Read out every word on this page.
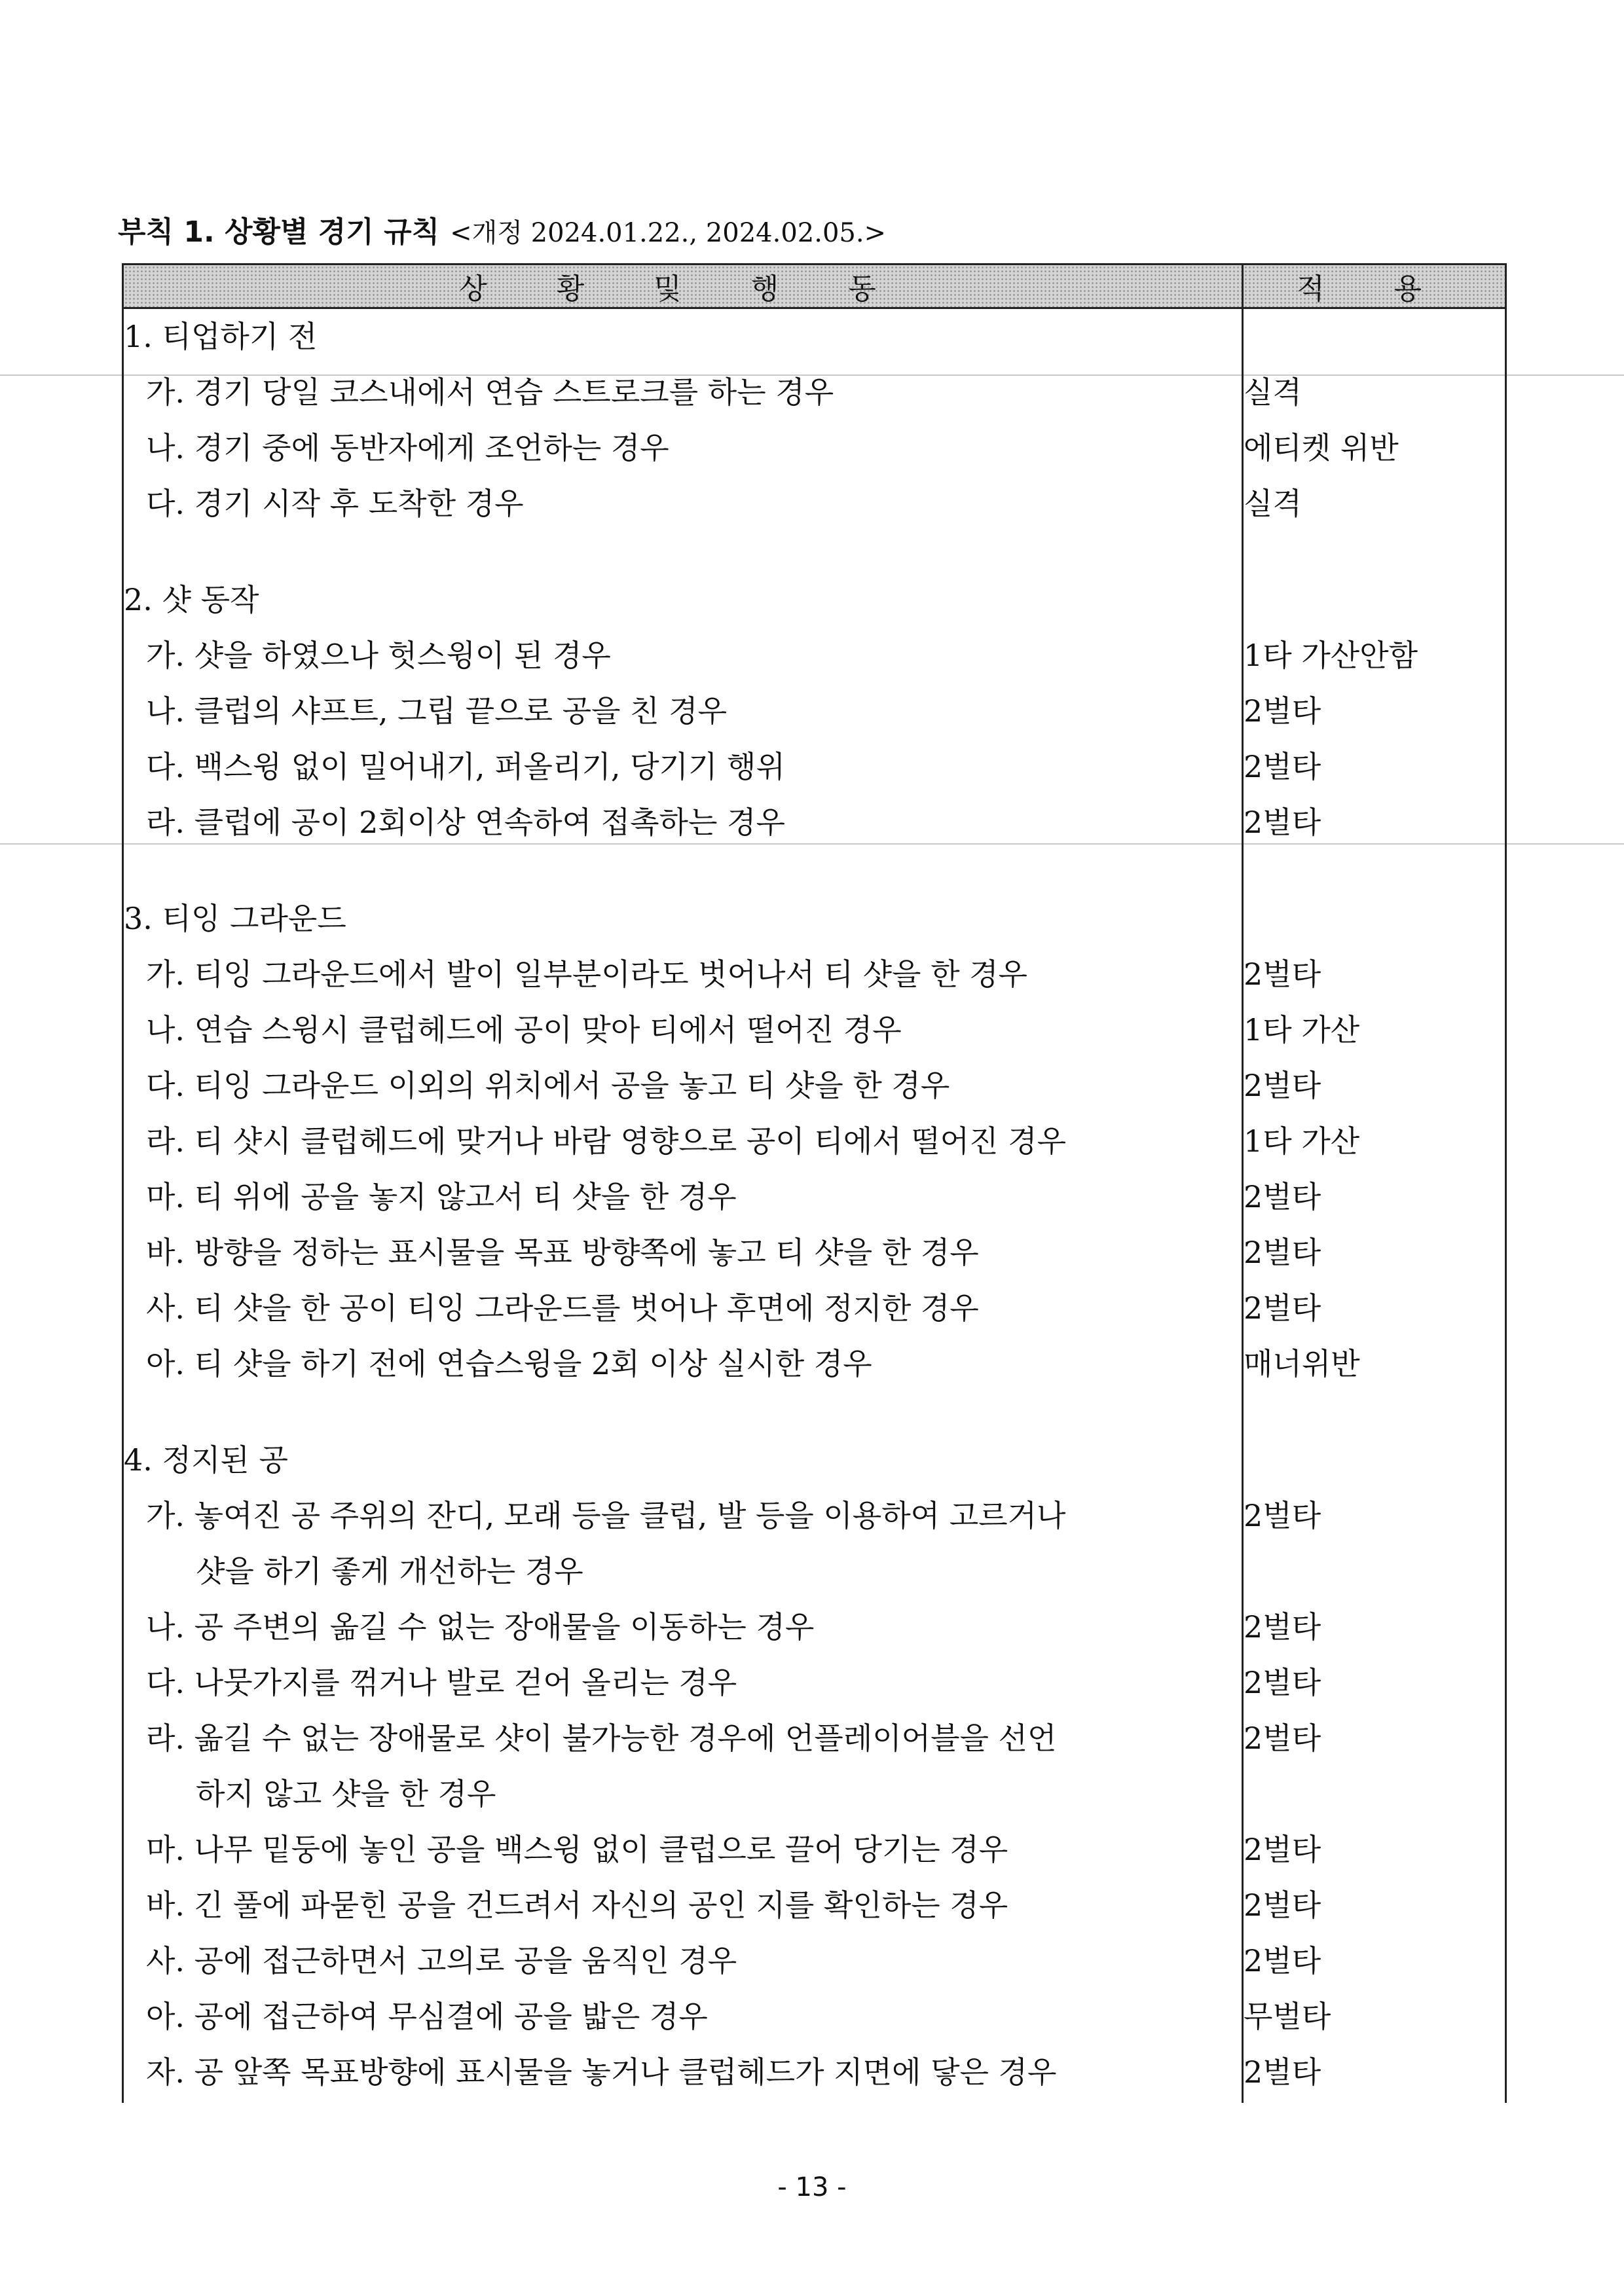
부칙 1. 상황별 경기 규칙 <개정 2024.01.22., 2024.02.05.>
상 황 및 행 동	적 용

1. 티업하기 전	

가. 경기 당일 코스내에서 연습 스트로크를 하는 경우	실격

나. 경기 중에 동반자에게 조언하는 경우	에티켓 위반

다. 경기 시작 후 도착한 경우	실격

2. 샷 동작	

가. 샷을 하였으나 헛스윙이 된 경우	1타 가산안함

나. 클럽의 샤프트, 그립 끝으로 공을 친 경우	2벌타

다. 백스윙 없이 밀어내기, 퍼올리기, 당기기 행위	2벌타

라. 클럽에 공이 2회이상 연속하여 접촉하는 경우	2벌타

3. 티잉 그라운드	

가. 티잉 그라운드에서 발이 일부분이라도 벗어나서 티 샷을 한 경우	2벌타

나. 연습 스윙시 클럽헤드에 공이 맞아 티에서 떨어진 경우	1타 가산

다. 티잉 그라운드 이외의 위치에서 공을 놓고 티 샷을 한 경우	2벌타

라. 티 샷시 클럽헤드에 맞거나 바람 영향으로 공이 티에서 떨어진 경우	1타 가산

마. 티 위에 공을 놓지 않고서 티 샷을 한 경우	2벌타

바. 방향을 정하는 표시물을 목표 방향쪽에 놓고 티 샷을 한 경우	2벌타

사. 티 샷을 한 공이 티잉 그라운드를 벗어나 후면에 정지한 경우	2벌타

아. 티 샷을 하기 전에 연습스윙을 2회 이상 실시한 경우	매너위반

4. 정지된 공	

가. 놓여진 공 주위의 잔디, 모래 등을 클럽, 발 등을 이용하여 고르거나
샷을 하기 좋게 개선하는 경우	2벌타

나. 공 주변의 옮길 수 없는 장애물을 이동하는 경우	2벌타

다. 나뭇가지를 꺾거나 발로 걷어 올리는 경우	2벌타

라. 옮길 수 없는 장애물로 샷이 불가능한 경우에 언플레이어블을 선언
하지 않고 샷을 한 경우	2벌타

마. 나무 밑둥에 놓인 공을 백스윙 없이 클럽으로 끌어 당기는 경우	2벌타

바. 긴 풀에 파묻힌 공을 건드려서 자신의 공인 지를 확인하는 경우	2벌타

사. 공에 접근하면서 고의로 공을 움직인 경우	2벌타

아. 공에 접근하여 무심결에 공을 밟은 경우	무벌타

자. 공 앞쪽 목표방향에 표시물을 놓거나 클럽헤드가 지면에 닿은 경우	2벌타
- 13 -
